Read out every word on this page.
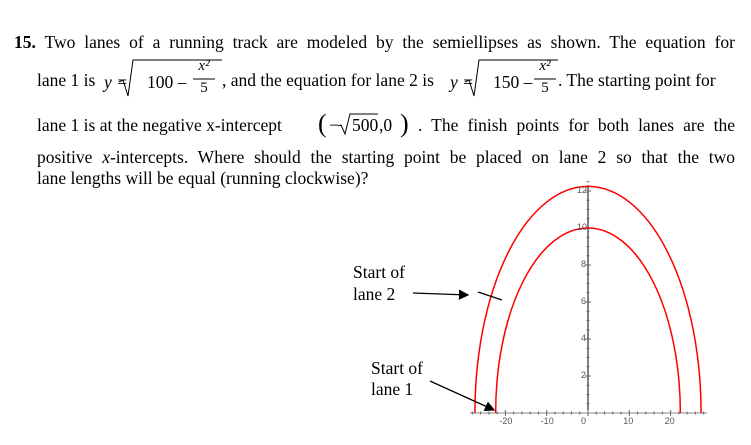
15. Two lanes of a running track are modeled by the semiellipses as shown. The equation for
lane 1 is y = 100 –
x²
5 , and the equation for lane 2 is y = 150 –
x²
5 . The starting point for
lane 1 is at the negative x-intercept ( − 500 ,0 ) . The finish points for both lanes are the
positive x-intercepts. Where should the starting point be placed on lane 2 so that the two
lane lengths will be equal (running clockwise)?
Start of
lane 2
Start of
lane 1
-20	-10	0	10	20
2
4
6
8
10
12
